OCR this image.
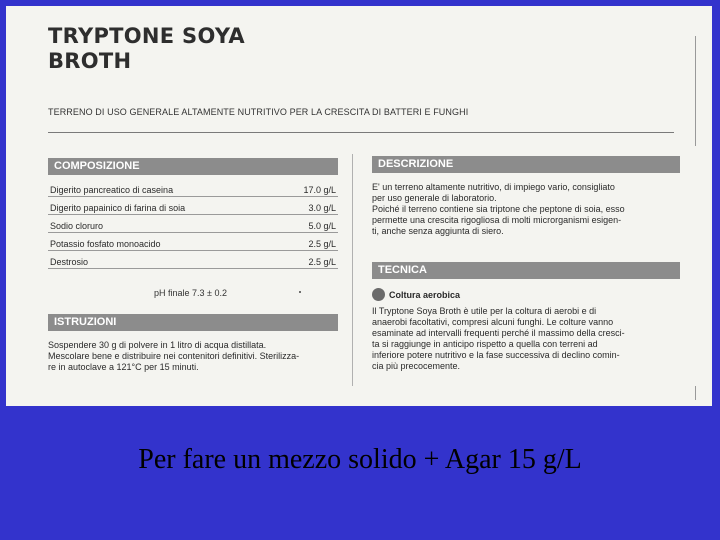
TRYPTONE SOYA
BROTH
TERRENO DI USO GENERALE ALTAMENTE NUTRITIVO PER LA CRESCITA DI BATTERI E FUNGHI
COMPOSIZIONE
Digerito pancreatico di caseina	17.0 g/L
Digerito papainico di farina di soia	3.0 g/L
Sodio cloruro	5.0 g/L
Potassio fosfato monoacido	2.5 g/L
Destrosio	2.5 g/L
pH finale 7.3 ± 0.2
ISTRUZIONI
Sospendere 30 g di polvere in 1 litro di acqua distillata.
Mescolare bene e distribuire nei contenitori definitivi. Sterilizza-
re in autoclave a 121°C per 15 minuti.
DESCRIZIONE
E' un terreno altamente nutritivo, di impiego vario, consigliato
per uso generale di laboratorio.
Poiché il terreno contiene sia triptone che peptone di soia, esso
permette una crescita rigogliosa di molti microrganismi esigen-
ti, anche senza aggiunta di siero.
TECNICA
Coltura aerobica
Il Tryptone Soya Broth è utile per la coltura di aerobi e di
anaerobi facoltativi, compresi alcuni funghi. Le colture vanno
esaminate ad intervalli frequenti perché il massimo della cresci-
ta si raggiunge in anticipo rispetto a quella con terreni ad
inferiore potere nutritivo e la fase successiva di declino comin-
cia più precocemente.
Per fare un mezzo solido + Agar 15 g/L
